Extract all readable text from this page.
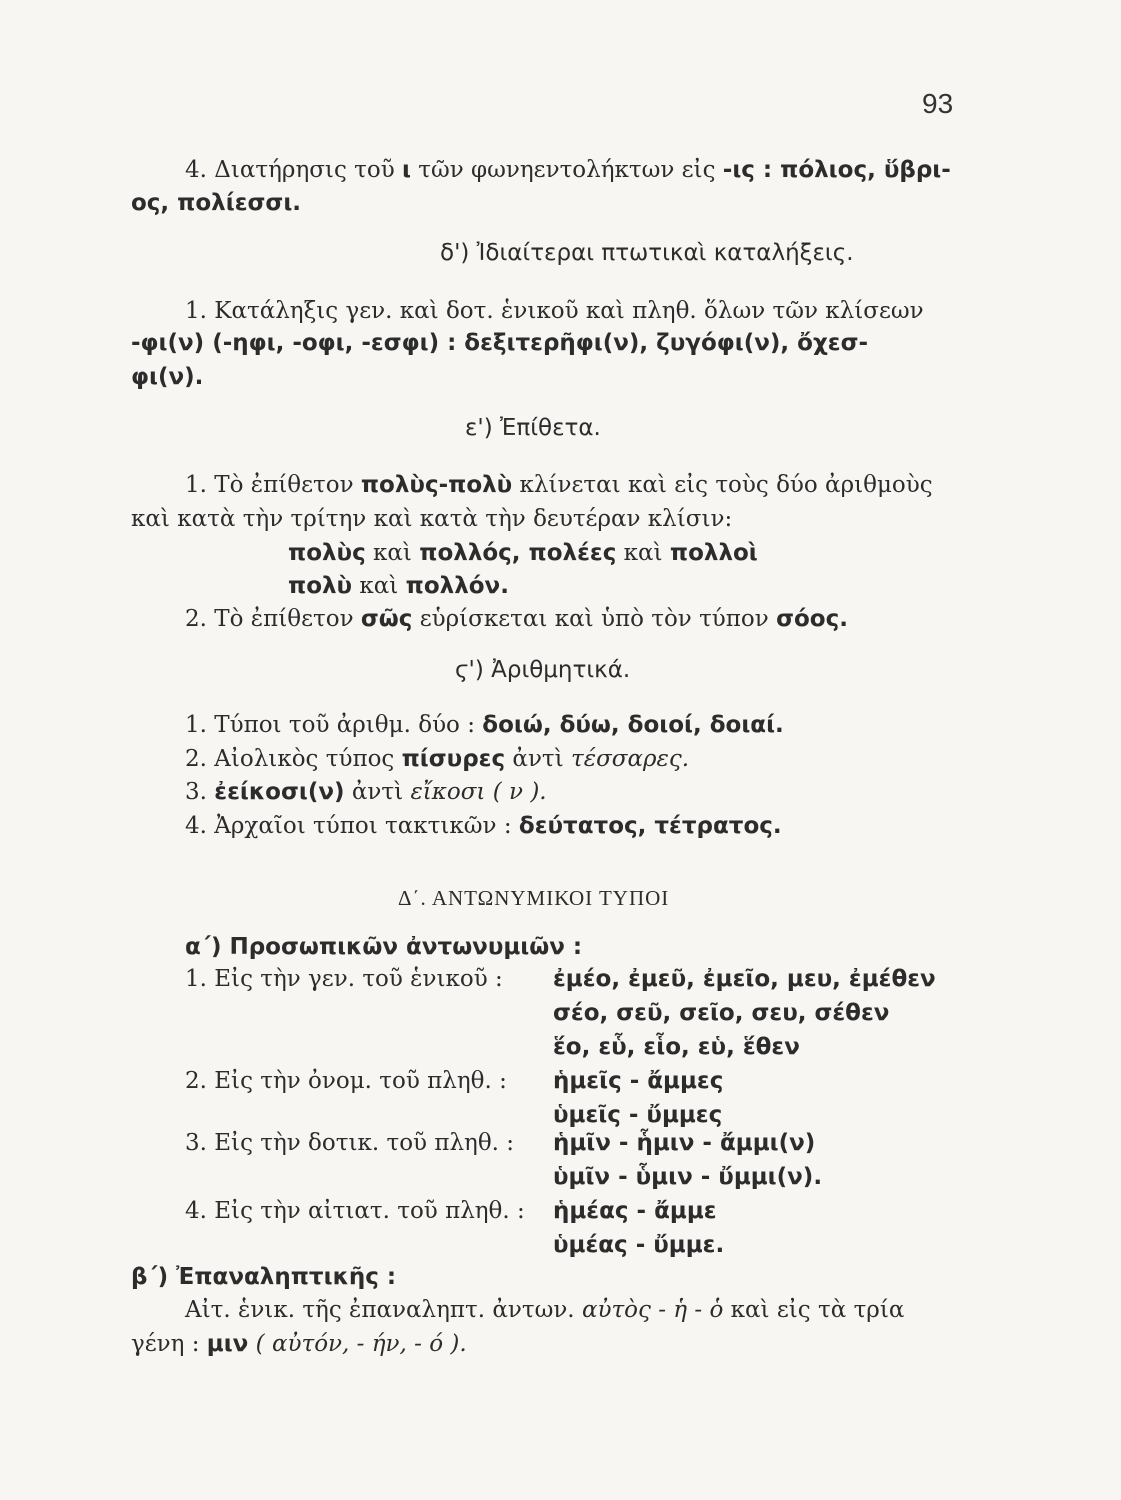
93
4. Διατήρησις τοῦ ι τῶν φωνηεντολήκτων εἰς -ις : πόλιος, ὕβρι-
ος, πολίεσσι.
δ') Ἰδιαίτεραι πτωτικαὶ καταλήξεις.
1. Κατάληξις γεν. καὶ δοτ. ἑνικοῦ καὶ πληθ. ὅλων τῶν κλίσεων
-φι(ν) (-ηφι, -οφι, -εσφι) : δεξιτερῆφι(ν), ζυγόφι(ν), ὄχεσ-
φι(ν).
ε') Ἐπίθετα.
1. Τὸ ἐπίθετον πολὺς-πολὺ κλίνεται καὶ εἰς τοὺς δύο ἀριθμοὺς
καὶ κατὰ τὴν τρίτην καὶ κατὰ τὴν δευτέραν κλίσιν:
πολὺς καὶ πολλός, πολέες καὶ πολλοὶ
πολὺ καὶ πολλόν.
2. Τὸ ἐπίθετον σῶς εὑρίσκεται καὶ ὑπὸ τὸν τύπον σόος.
ϛ') Ἀριθμητικά.
1. Τύποι τοῦ ἀριθμ. δύο : δοιώ, δύω, δοιοί, δοιαί.
2. Αἰολικὸς τύπος πίσυρες ἀντὶ τέσσαρες.
3. ἐείκοσι(ν) ἀντὶ εἴκοσι ( ν ).
4. Ἀρχαῖοι τύποι τακτικῶν : δεύτατος, τέτρατος.
Δ΄. ΑΝΤΩΝΥΜΙΚΟΙ ΤΥΠΟΙ
α΄) Προσωπικῶν ἀντωνυμιῶν :
1. Εἰς τὴν γεν. τοῦ ἑνικοῦ : ἐμέο, ἐμεῦ, ἐμεῖο, μευ, ἐμέθεν
σέο, σεῦ, σεῖο, σευ, σέθεν
ἕο, εὗ, εἷο, εὑ, ἕθεν
2. Εἰς τὴν ὀνομ. τοῦ πληθ. : ἡμεῖς - ἄμμες
ὑμεῖς - ὔμμες
3. Εἰς τὴν δοτικ. τοῦ πληθ. : ἡμῖν - ἧμιν - ἄμμι(ν)
ὑμῖν - ὗμιν - ὔμμι(ν).
4. Εἰς τὴν αἰτιατ. τοῦ πληθ. : ἡμέας - ἄμμε
ὑμέας - ὔμμε.
β΄) Ἐπαναληπτικῆς :
Αἰτ. ἑνικ. τῆς ἐπαναληπτ. ἀντων. αὐτὸς - ἡ - ὁ καὶ εἰς τὰ τρία
γένη : μιν ( αὐτόν, - ήν, - ό ).
